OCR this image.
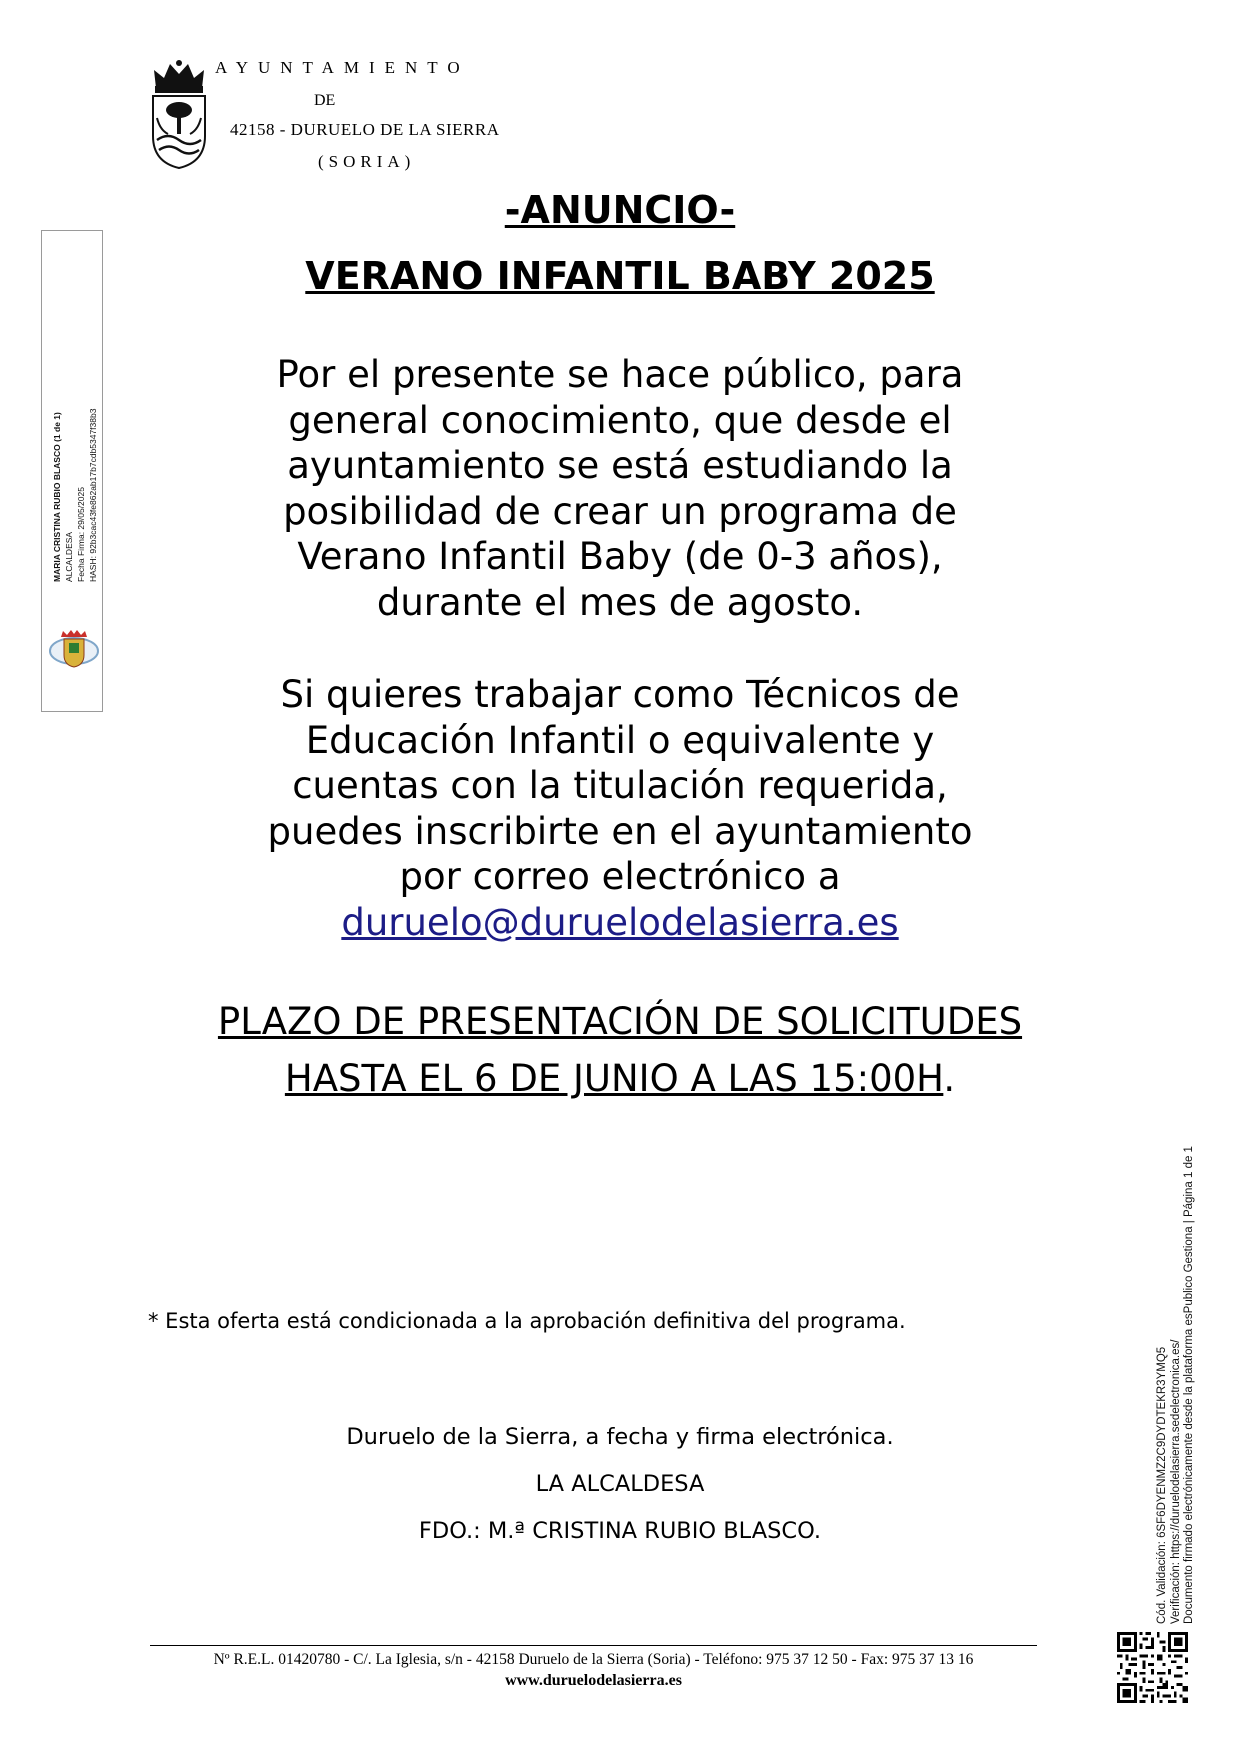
AYUNTAMIENTO
DE
42158 - DURUELO DE LA SIERRA
(SORIA)
MARIA CRISTINA RUBIO BLASCO (1 de 1) ALCALDESA Fecha Firma: 29/05/2025 HASH: 92b3cac43fe862ab17b7cdb5347f38b3

-ANUNCIO-

VERANO INFANTIL BABY 2025

Por el presente se hace público, para
general conocimiento, que desde el
ayuntamiento se está estudiando la
posibilidad de crear un programa de
Verano Infantil Baby (de 0-3 años),
durante el mes de agosto.
Si quieres trabajar como Técnicos de
Educación Infantil o equivalente y
cuentas con la titulación requerida,
puedes inscribirte en el ayuntamiento
por correo electrónico a
duruelo@duruelodelasierra.es
PLAZO DE PRESENTACIÓN DE SOLICITUDES
HASTA EL 6 DE JUNIO A LAS 15:00H.
* Esta oferta está condicionada a la aprobación definitiva del programa.
Duruelo de la Sierra, a fecha y firma electrónica.
LA ALCALDESA
FDO.: M.ª CRISTINA RUBIO BLASCO.
Nº R.E.L. 01420780 - C/. La Iglesia, s/n - 42158 Duruelo de la Sierra (Soria) - Teléfono: 975 37 12 50 - Fax: 975 37 13 16
www.duruelodelasierra.es
Cód. Validación: 6SF6DYENMZ2C9DYDTEKR3YMQ5 Verificación: https://duruelodelasierra.sedelectronica.es/ Documento firmado electrónicamente desde la plataforma esPublico Gestiona | Página 1 de 1
